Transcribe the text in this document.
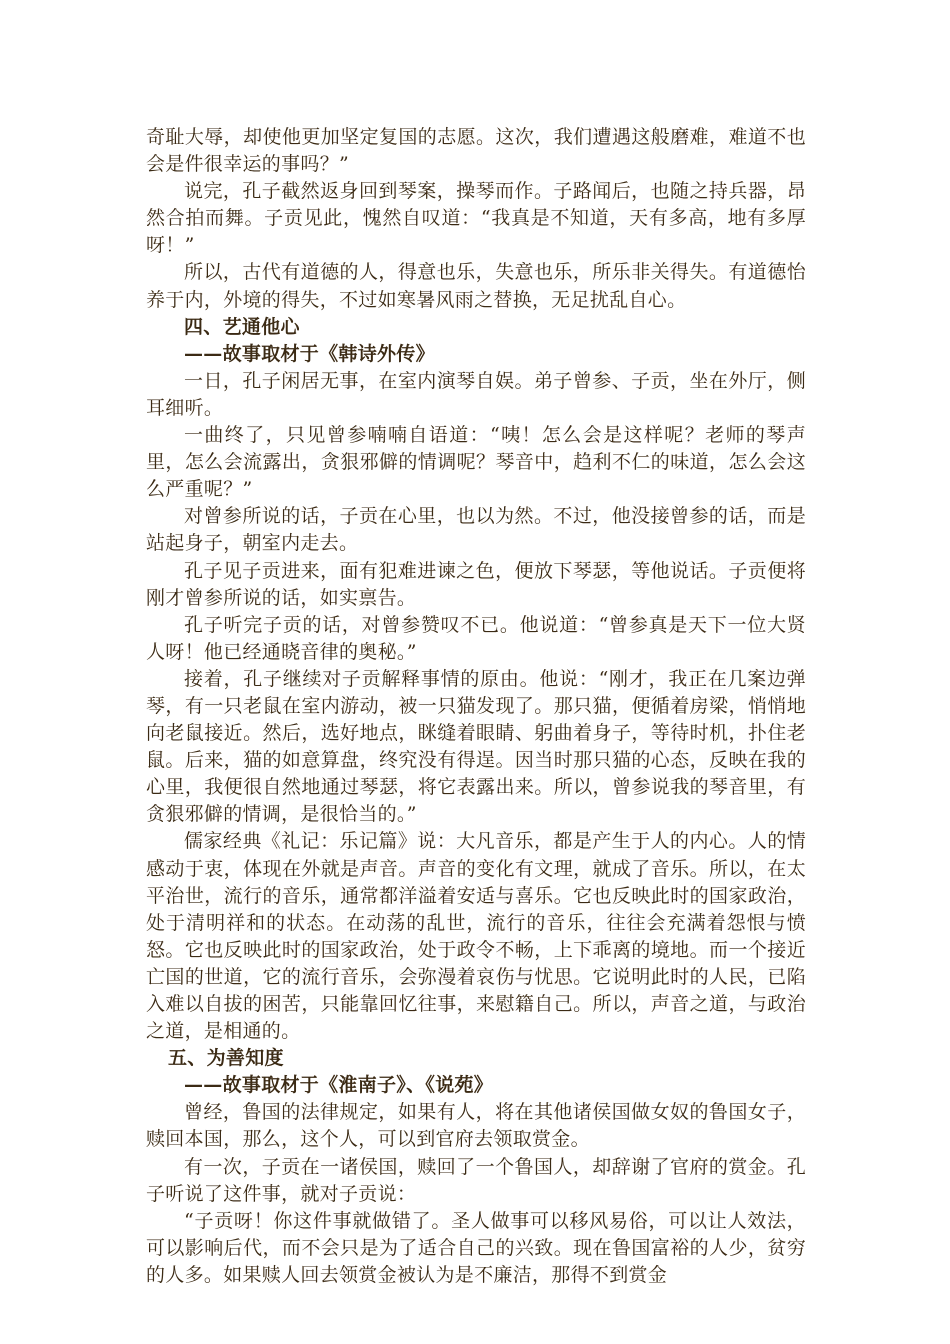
奇耻大辱，却使他更加坚定复国的志愿。这次，我们遭遇这般磨难，难道不也会是件很幸运的事吗？”

说完，孔子截然返身回到琴案，操琴而作。子路闻后，也随之持兵器，昂然合拍而舞。子贡见此，愧然自叹道：“我真是不知道，天有多高，地有多厚呀！”

所以，古代有道德的人，得意也乐，失意也乐，所乐非关得失。有道德怡养于内，外境的得失，不过如寒暑风雨之替换，无足扰乱自心。

四、艺通他心

——故事取材于《韩诗外传》

一日，孔子闲居无事，在室内演琴自娱。弟子曾参、子贡，坐在外厅，侧耳细听。

一曲终了，只见曾参喃喃自语道：“咦！怎么会是这样呢？老师的琴声里，怎么会流露出，贪狠邪僻的情调呢？琴音中，趋利不仁的味道，怎么会这么严重呢？”

对曾参所说的话，子贡在心里，也以为然。不过，他没接曾参的话，而是站起身子，朝室内走去。

孔子见子贡进来，面有犯难进谏之色，便放下琴瑟，等他说话。子贡便将刚才曾参所说的话，如实禀告。

孔子听完子贡的话，对曾参赞叹不已。他说道：“曾参真是天下一位大贤人呀！他已经通晓音律的奥秘。”

接着，孔子继续对子贡解释事情的原由。他说：“刚才，我正在几案边弹琴，有一只老鼠在室内游动，被一只猫发现了。那只猫，便循着房梁，悄悄地向老鼠接近。然后，选好地点，眯缝着眼睛、躬曲着身子，等待时机，扑住老鼠。后来，猫的如意算盘，终究没有得逞。因当时那只猫的心态，反映在我的心里，我便很自然地通过琴瑟，将它表露出来。所以，曾参说我的琴音里，有贪狠邪僻的情调，是很恰当的。”

儒家经典《礼记：乐记篇》说：大凡音乐，都是产生于人的内心。人的情感动于衷，体现在外就是声音。声音的变化有文理，就成了音乐。所以，在太平治世，流行的音乐，通常都洋溢着安适与喜乐。它也反映此时的国家政治，处于清明祥和的状态。在动荡的乱世，流行的音乐，往往会充满着怨恨与愤怒。它也反映此时的国家政治，处于政令不畅，上下乖离的境地。而一个接近亡国的世道，它的流行音乐，会弥漫着哀伤与忧思。它说明此时的人民，已陷入难以自拔的困苦，只能靠回忆往事，来慰籍自己。所以，声音之道，与政治之道，是相通的。

五、为善知度

——故事取材于《淮南子》、《说苑》

曾经，鲁国的法律规定，如果有人，将在其他诸侯国做女奴的鲁国女子，赎回本国，那么，这个人，可以到官府去领取赏金。

有一次，子贡在一诸侯国，赎回了一个鲁国人，却辞谢了官府的赏金。孔子听说了这件事，就对子贡说：

“子贡呀！你这件事就做错了。圣人做事可以移风易俗，可以让人效法，可以影响后代，而不会只是为了适合自己的兴致。现在鲁国富裕的人少，贫穷的人多。如果赎人回去领赏金被认为是不廉洁，那得不到赏金
